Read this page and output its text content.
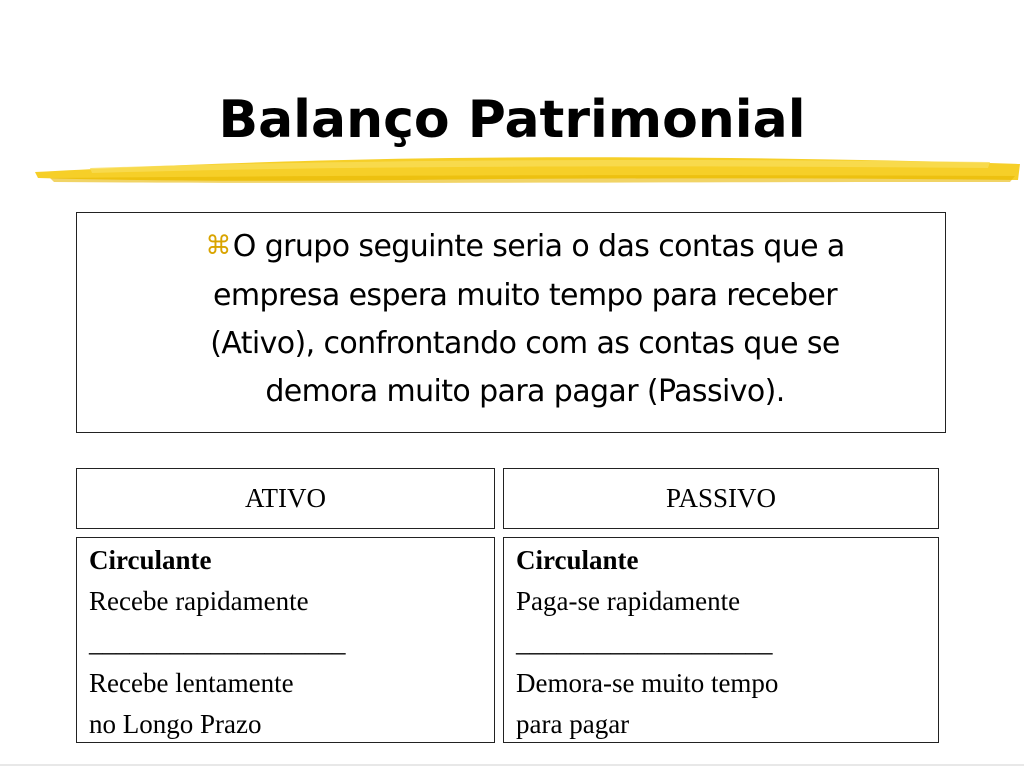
Balanço Patrimonial
⌘O grupo seguinte seria o das contas que a
empresa espera muito tempo para receber
(Ativo), confrontando com as contas que se
demora muito para pagar (Passivo).
ATIVO	PASSIVO
Circulante
Recebe rapidamente
___________________
Recebe lentamente
no Longo Prazo
Circulante
Paga-se rapidamente
___________________
Demora-se muito tempo
para pagar
